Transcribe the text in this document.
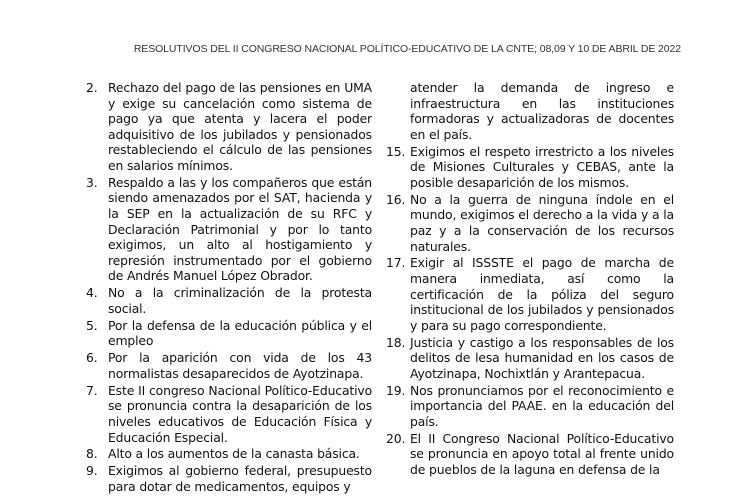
RESOLUTIVOS DEL II CONGRESO NACIONAL POLÍTICO-EDUCATIVO DE LA CNTE; 08,09 Y 10 DE ABRIL DE 2022
2. Rechazo del pago de las pensiones en UMA y exige su cancelación como sistema de pago ya que atenta y lacera el poder adquisitivo de los jubilados y pensionados restableciendo el cálculo de las pensiones en salarios mínimos.
3. Respaldo a las y los compañeros que están siendo amenazados por el SAT, hacienda y la SEP en la actualización de su RFC y Declaración Patrimonial y por lo tanto exigimos, un alto al hostigamiento y represión instrumentado por el gobierno de Andrés Manuel López Obrador.
4. No a la criminalización de la protesta social.
5. Por la defensa de la educación pública y el empleo
6. Por la aparición con vida de los 43 normalistas desaparecidos de Ayotzinapa.
7. Este II congreso Nacional Político-Educativo se pronuncia contra la desaparición de los niveles educativos de Educación Física y Educación Especial.
8. Alto a los aumentos de la canasta básica.
9. Exigimos al gobierno federal, presupuesto para dotar de medicamentos, equipos y
atender la demanda de ingreso e infraestructura en las instituciones formadoras y actualizadoras de docentes en el país.
15. Exigimos el respeto irrestricto a los niveles de Misiones Culturales y CEBAS, ante la posible desaparición de los mismos.
16. No a la guerra de ninguna índole en el mundo, exigimos el derecho a la vida y a la paz y a la conservación de los recursos naturales.
17. Exigir al ISSSTE el pago de marcha de manera inmediata, así como la certificación de la póliza del seguro institucional de los jubilados y pensionados y para su pago correspondiente.
18. Justicia y castigo a los responsables de los delitos de lesa humanidad en los casos de Ayotzinapa, Nochixtlán y Arantepacua.
19. Nos pronunciamos por el reconocimiento e importancia del PAAE. en la educación del país.
20. El II Congreso Nacional Político-Educativo se pronuncia en apoyo total al frente unido de pueblos de la laguna en defensa de la
